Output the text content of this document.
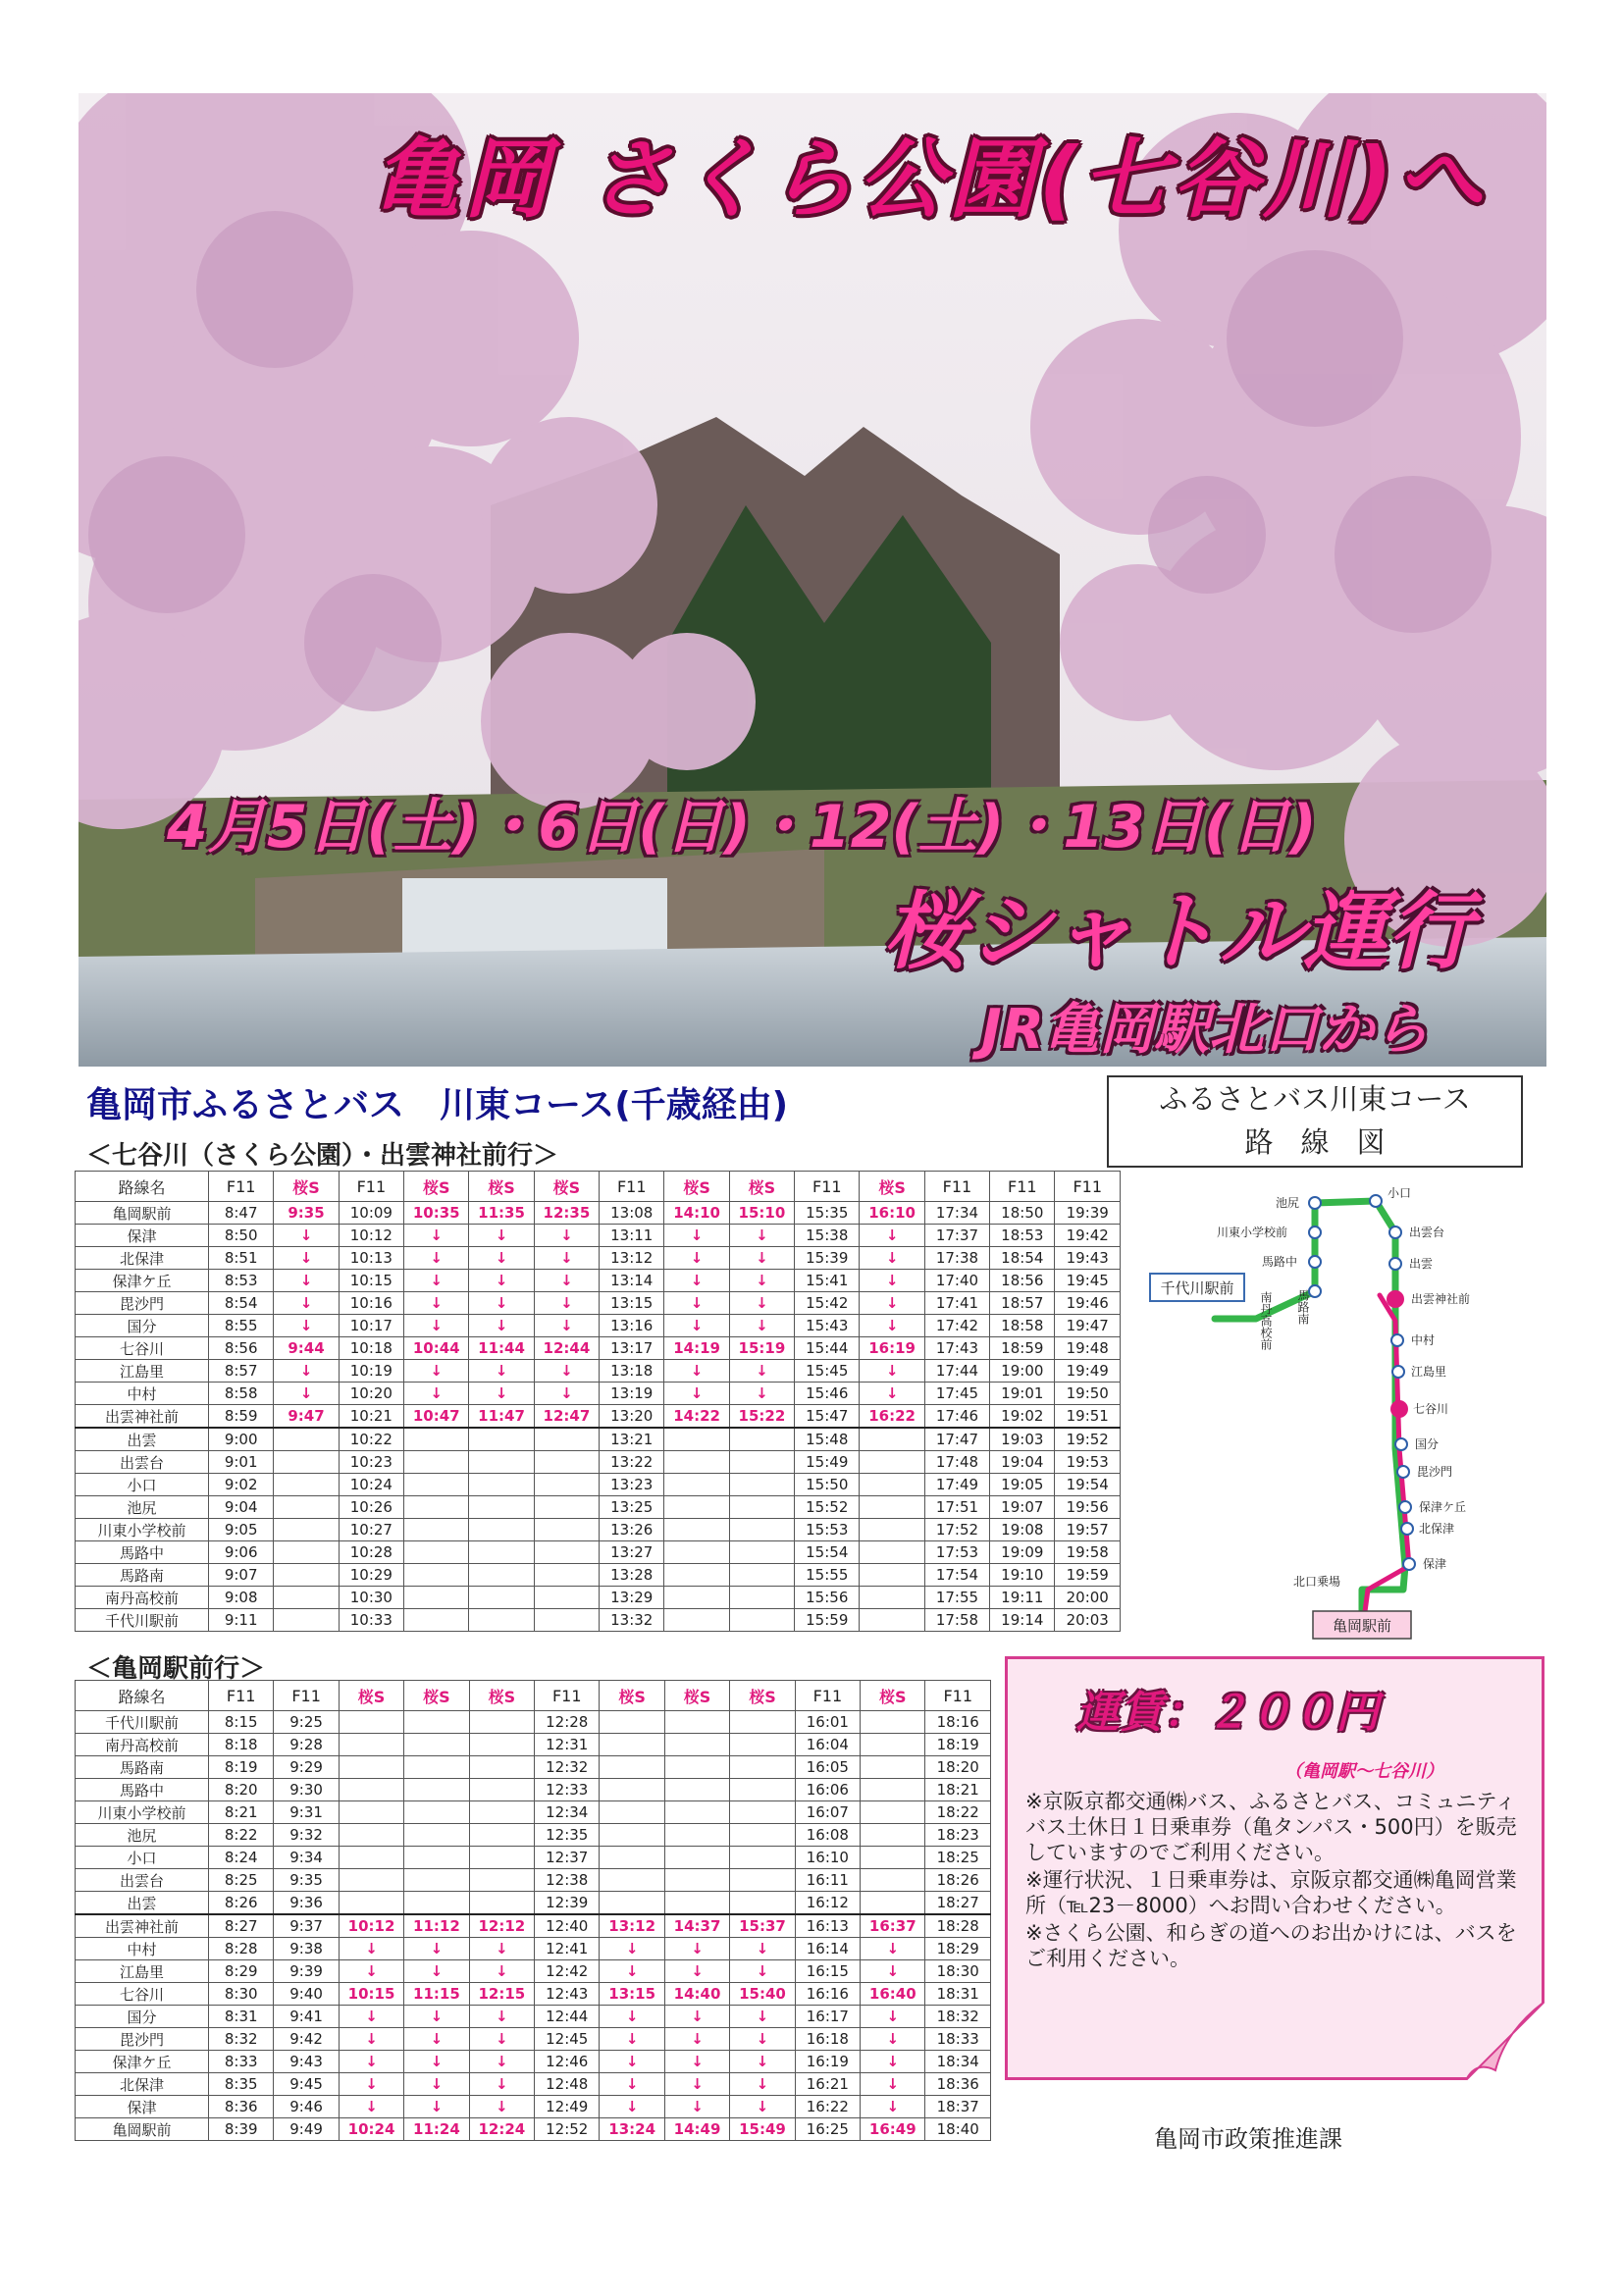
亀岡 さくら公園(七谷川)へ
4月5日(土)・6日(日)・12(土)・13日(日)
桜シャトル運行
JR亀岡駅北口から
亀岡市ふるさとバス　川東コース(千歳経由)	ふるさとバス川東コース
路線図
＜七谷川（さくら公園）・出雲神社前行＞
路線名	F11	桜S	F11	桜S	桜S	桜S	F11	桜S	桜S	F11	桜S	F11	F11	F11
亀岡駅前	8:47	9:35	10:09	10:35	11:35	12:35	13:08	14:10	15:10	15:35	16:10	17:34	18:50	19:39
保津	8:50	↓	10:12	↓	↓	↓	13:11	↓	↓	15:38	↓	17:37	18:53	19:42
北保津	8:51	↓	10:13	↓	↓	↓	13:12	↓	↓	15:39	↓	17:38	18:54	19:43
保津ケ丘	8:53	↓	10:15	↓	↓	↓	13:14	↓	↓	15:41	↓	17:40	18:56	19:45
毘沙門	8:54	↓	10:16	↓	↓	↓	13:15	↓	↓	15:42	↓	17:41	18:57	19:46
国分	8:55	↓	10:17	↓	↓	↓	13:16	↓	↓	15:43	↓	17:42	18:58	19:47
七谷川	8:56	9:44	10:18	10:44	11:44	12:44	13:17	14:19	15:19	15:44	16:19	17:43	18:59	19:48
江島里	8:57	↓	10:19	↓	↓	↓	13:18	↓	↓	15:45	↓	17:44	19:00	19:49
中村	8:58	↓	10:20	↓	↓	↓	13:19	↓	↓	15:46	↓	17:45	19:01	19:50
出雲神社前	8:59	9:47	10:21	10:47	11:47	12:47	13:20	14:22	15:22	15:47	16:22	17:46	19:02	19:51
出雲	9:00		10:22				13:21			15:48		17:47	19:03	19:52
出雲台	9:01		10:23				13:22			15:49		17:48	19:04	19:53
小口	9:02		10:24				13:23			15:50		17:49	19:05	19:54
池尻	9:04		10:26				13:25			15:52		17:51	19:07	19:56
川東小学校前	9:05		10:27				13:26			15:53		17:52	19:08	19:57
馬路中	9:06		10:28				13:27			15:54		17:53	19:09	19:58
馬路南	9:07		10:29				13:28			15:55		17:54	19:10	19:59
南丹高校前	9:08		10:30				13:29			15:56		17:55	19:11	20:00
千代川駅前	9:11		10:33				13:32			15:59		17:58	19:14	20:03
千代川駅前
池尻
小口
川東小学校前
馬路中
出雲台
出雲
出雲神社前
中村
江島里
七谷川
国分
毘沙門
保津ケ丘
北保津
保津
北口乗場
南丹高校前 馬路南
亀岡駅前
＜亀岡駅前行＞
路線名	F11	F11	桜S	桜S	桜S	F11	桜S	桜S	桜S	F11	桜S	F11
千代川駅前	8:15	9:25				12:28				16:01		18:16
南丹高校前	8:18	9:28				12:31				16:04		18:19
馬路南	8:19	9:29				12:32				16:05		18:20
馬路中	8:20	9:30				12:33				16:06		18:21
川東小学校前	8:21	9:31				12:34				16:07		18:22
池尻	8:22	9:32				12:35				16:08		18:23
小口	8:24	9:34				12:37				16:10		18:25
出雲台	8:25	9:35				12:38				16:11		18:26
出雲	8:26	9:36				12:39				16:12		18:27
出雲神社前	8:27	9:37	10:12	11:12	12:12	12:40	13:12	14:37	15:37	16:13	16:37	18:28
中村	8:28	9:38	↓	↓	↓	12:41	↓	↓	↓	16:14	↓	18:29
江島里	8:29	9:39	↓	↓	↓	12:42	↓	↓	↓	16:15	↓	18:30
七谷川	8:30	9:40	10:15	11:15	12:15	12:43	13:15	14:40	15:40	16:16	16:40	18:31
国分	8:31	9:41	↓	↓	↓	12:44	↓	↓	↓	16:17	↓	18:32
毘沙門	8:32	9:42	↓	↓	↓	12:45	↓	↓	↓	16:18	↓	18:33
保津ケ丘	8:33	9:43	↓	↓	↓	12:46	↓	↓	↓	16:19	↓	18:34
北保津	8:35	9:45	↓	↓	↓	12:48	↓	↓	↓	16:21	↓	18:36
保津	8:36	9:46	↓	↓	↓	12:49	↓	↓	↓	16:22	↓	18:37
亀岡駅前	8:39	9:49	10:24	11:24	12:24	12:52	13:24	14:49	15:49	16:25	16:49	18:40
運賃：２００円
（亀岡駅～七谷川）

※京阪京都交通㈱バス、ふるさとバス、コミュニティバス土休日１日乗車券（亀タンパス・500円）を販売していますのでご利用ください。

※運行状況、１日乗車券は、京阪京都交通㈱亀岡営業所（℡23－8000）へお問い合わせください。

※さくら公園、和らぎの道へのお出かけには、バスをご利用ください。

亀岡市政策推進課
